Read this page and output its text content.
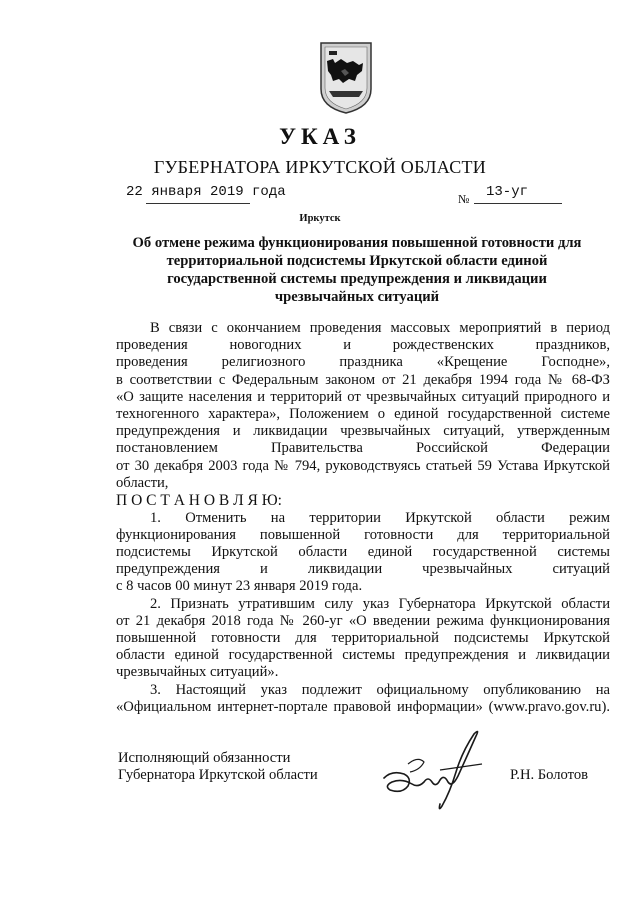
УКАЗ
ГУБЕРНАТОРА ИРКУТСКОЙ ОБЛАСТИ
22 января 2019 года	№ 13-уг
Иркутск
Об отмене режима функционирования повышенной готовности для территориальной подсистемы Иркутской области единой государственной системы предупреждения и ликвидации чрезвычайных ситуаций
В связи с окончанием проведения массовых мероприятий в период
проведения новогодних и рождественских праздников,
проведения религиозного праздника «Крещение Господне»,
в соответствии с Федеральным законом от 21 декабря 1994 года № 68-ФЗ
«О защите населения и территорий от чрезвычайных ситуаций природного и
техногенного характера», Положением о единой государственной системе
предупреждения и ликвидации чрезвычайных ситуаций, утвержденным
постановлением Правительства Российской Федерации
от 30 декабря 2003 года № 794, руководствуясь статьей 59 Устава Иркутской
области,
П О С Т А Н О В Л Я Ю:
1. Отменить на территории Иркутской области режим
функционирования повышенной готовности для территориальной
подсистемы Иркутской области единой государственной системы
предупреждения и ликвидации чрезвычайных ситуаций
с 8 часов 00 минут 23 января 2019 года.
2. Признать утратившим силу указ Губернатора Иркутской области
от 21 декабря 2018 года № 260-уг «О введении режима функционирования
повышенной готовности для территориальной подсистемы Иркутской
области единой государственной системы предупреждения и ликвидации
чрезвычайных ситуаций».
3. Настоящий указ подлежит официальному опубликованию на
«Официальном интернет-портале правовой информации» (www.pravo.gov.ru).
Исполняющий обязанности
Губернатора Иркутской области	Р.Н. Болотов
